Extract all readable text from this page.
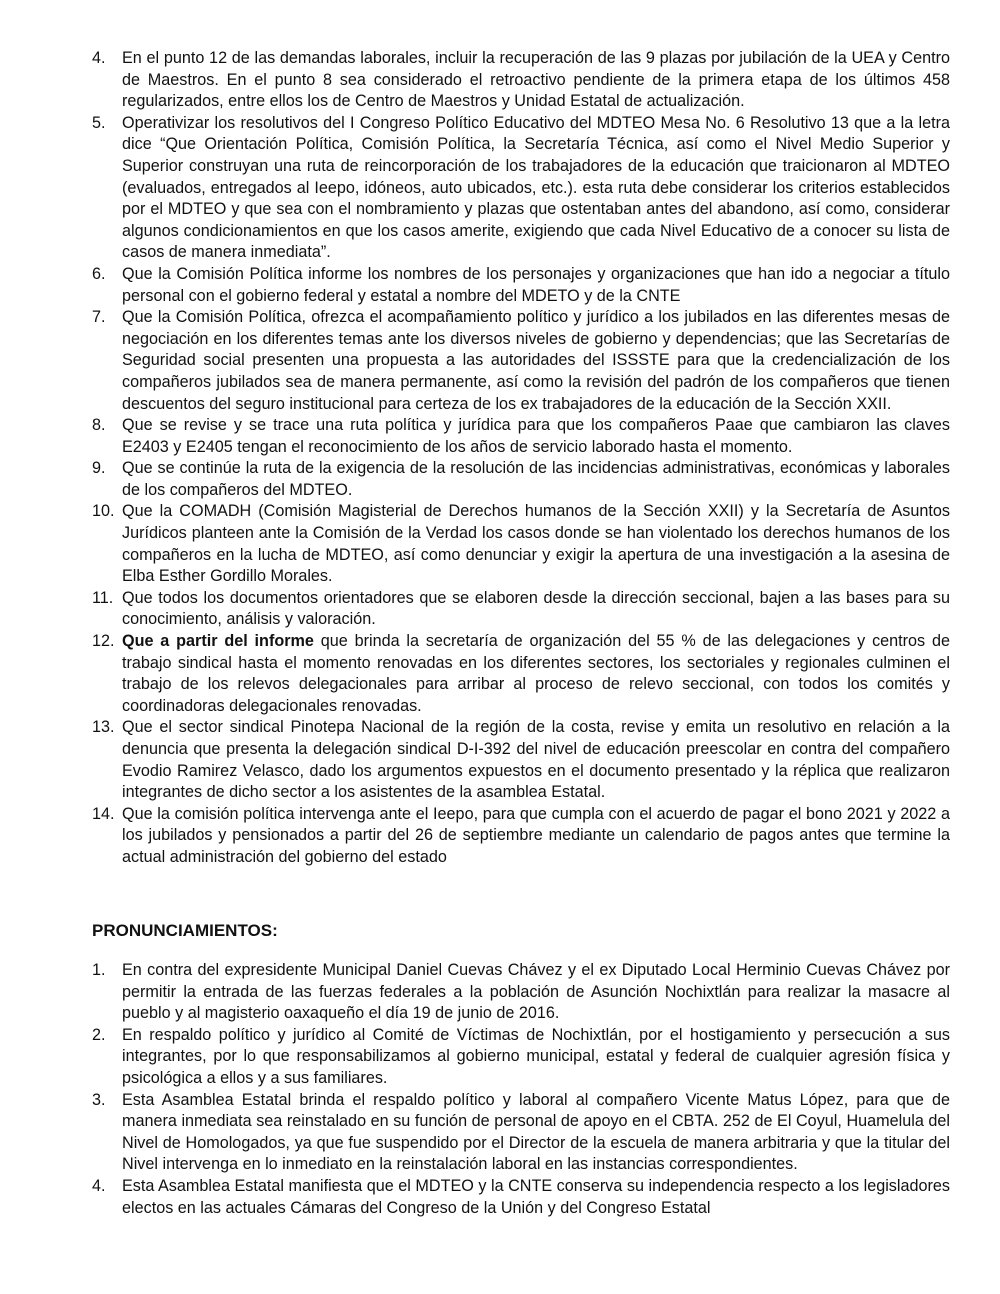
4.	En el punto 12 de las demandas laborales, incluir la recuperación de las 9 plazas por jubilación de la UEA y Centro de Maestros. En el punto 8 sea considerado el retroactivo pendiente de la primera etapa de los últimos 458 regularizados, entre ellos los de Centro de Maestros y Unidad Estatal de actualización.
5.	Operativizar los resolutivos del I Congreso Político Educativo del MDTEO Mesa No. 6 Resolutivo 13 que a la letra dice “Que Orientación Política, Comisión Política, la Secretaría Técnica, así como el Nivel Medio Superior y Superior construyan una ruta de reincorporación de los trabajadores de la educación que traicionaron al MDTEO (evaluados, entregados al Ieepo, idóneos, auto ubicados, etc.). esta ruta debe considerar los criterios establecidos por el MDTEO y que sea con el nombramiento y plazas que ostentaban antes del abandono, así como, considerar algunos condicionamientos en que los casos amerite, exigiendo que cada Nivel Educativo de a conocer su lista de casos de manera inmediata”.
6.	Que la Comisión Política informe los nombres de los personajes y organizaciones que han ido a negociar a título personal con el gobierno federal y estatal a nombre del MDETO y de la CNTE
7.	Que la Comisión Política, ofrezca el acompañamiento político y jurídico a los jubilados en las diferentes mesas de negociación en los diferentes temas ante los diversos niveles de gobierno y dependencias; que las Secretarías de Seguridad social presenten una propuesta a las autoridades del ISSSTE para que la credencialización de los compañeros jubilados sea de manera permanente, así como la revisión del padrón de los compañeros que tienen descuentos del seguro institucional para certeza de los ex trabajadores de la educación de la Sección XXII.
8.	Que se revise y se trace una ruta política y jurídica para que los compañeros Paae que cambiaron las claves E2403 y E2405 tengan el reconocimiento de los años de servicio laborado hasta el momento.
9.	Que se continúe la ruta de la exigencia de la resolución de las incidencias administrativas, económicas y laborales de los compañeros del MDTEO.
10. Que la COMADH (Comisión Magisterial de Derechos humanos de la Sección XXII) y la Secretaría de Asuntos Jurídicos planteen ante la Comisión de la Verdad los casos donde se han violentado los derechos humanos de los compañeros en la lucha de MDTEO, así como denunciar y exigir la apertura de una investigación a la asesina de Elba Esther Gordillo Morales.
11. Que todos los documentos orientadores que se elaboren desde la dirección seccional, bajen a las bases para su conocimiento, análisis y valoración.
12. Que a partir del informe que brinda la secretaría de organización del 55 % de las delegaciones y centros de trabajo sindical hasta el momento renovadas en los diferentes sectores, los sectoriales y regionales culminen el trabajo de los relevos delegacionales para arribar al proceso de relevo seccional, con todos los comités y coordinadoras delegacionales renovadas.
13. Que el sector sindical Pinotepa Nacional de la región de la costa, revise y emita un resolutivo en relación a la denuncia que presenta la delegación sindical D-I-392 del nivel de educación preescolar en contra del compañero Evodio Ramirez Velasco, dado los argumentos expuestos en el documento presentado y la réplica que realizaron integrantes de dicho sector a los asistentes de la asamblea Estatal.
14. Que la comisión política intervenga ante el Ieepo, para que cumpla con el acuerdo de pagar el bono 2021 y 2022 a los jubilados y pensionados a partir del 26 de septiembre mediante un calendario de pagos antes que termine la actual administración del gobierno del estado
PRONUNCIAMIENTOS:
1.	En contra del expresidente Municipal Daniel Cuevas Chávez y el ex Diputado Local Herminio Cuevas Chávez por permitir la entrada de las fuerzas federales a la población de Asunción Nochixtlán para realizar la masacre al pueblo y al magisterio oaxaqueño el día 19 de junio de 2016.
2.	En respaldo político y jurídico al Comité de Víctimas de Nochixtlán, por el hostigamiento y persecución a sus integrantes, por lo que responsabilizamos al gobierno municipal, estatal y federal de cualquier agresión física y psicológica a ellos y a sus familiares.
3.	Esta Asamblea Estatal brinda el respaldo político y laboral al compañero Vicente Matus López, para que de manera inmediata sea reinstalado en su función de personal de apoyo en el CBTA. 252 de El Coyul, Huamelula del Nivel de Homologados, ya que fue suspendido por el Director de la escuela de manera arbitraria y que la titular del Nivel intervenga en lo inmediato en la reinstalación laboral en las instancias correspondientes.
4.	Esta Asamblea Estatal manifiesta que el MDTEO y la CNTE conserva su independencia respecto a los legisladores electos en las actuales Cámaras del Congreso de la Unión y del Congreso Estatal
